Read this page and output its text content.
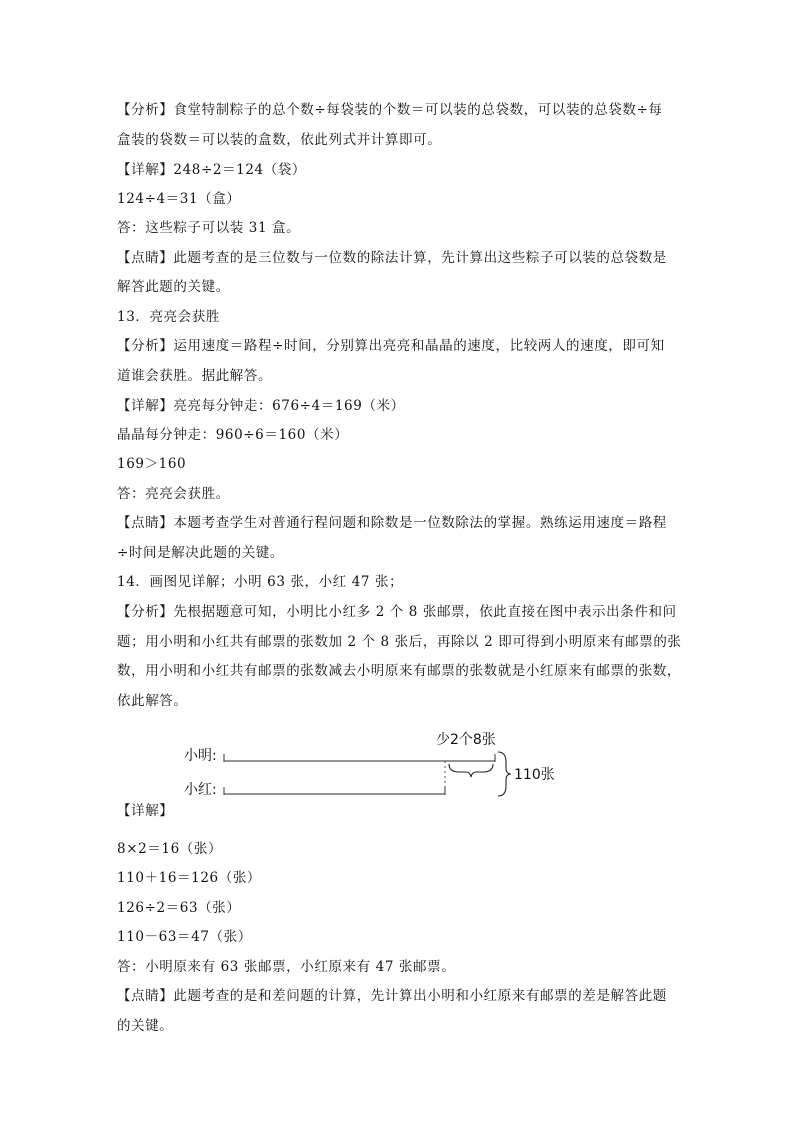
【分析】食堂特制粽子的总个数÷每袋装的个数＝可以装的总袋数，可以装的总袋数÷每
盒装的袋数＝可以装的盒数，依此列式并计算即可。
【详解】248÷2＝124（袋）
124÷4＝31（盒）
答：这些粽子可以装 31 盒。
【点睛】此题考查的是三位数与一位数的除法计算，先计算出这些粽子可以装的总袋数是
解答此题的关键。
13．亮亮会获胜
【分析】运用速度＝路程÷时间，分别算出亮亮和晶晶的速度，比较两人的速度，即可知
道谁会获胜。据此解答。
【详解】亮亮每分钟走：676÷4＝169（米）
晶晶每分钟走：960÷6＝160（米）
169＞160
答：亮亮会获胜。
【点睛】本题考查学生对普通行程问题和除数是一位数除法的掌握。熟练运用速度＝路程
÷时间是解决此题的关键。
14．画图见详解；小明 63 张，小红 47 张；
【分析】先根据题意可知，小明比小红多 2 个 8 张邮票，依此直接在图中表示出条件和问
题；用小明和小红共有邮票的张数加 2 个 8 张后，再除以 2 即可得到小明原来有邮票的张
数，用小明和小红共有邮票的张数减去小明原来有邮票的张数就是小红原来有邮票的张数，
依此解答。
小明:
少2个8张
小红:
110张
【详解】
8×2＝16（张）
110＋16＝126（张）
126÷2＝63（张）
110－63＝47（张）
答：小明原来有 63 张邮票，小红原来有 47 张邮票。
【点睛】此题考查的是和差问题的计算，先计算出小明和小红原来有邮票的差是解答此题
的关键。
